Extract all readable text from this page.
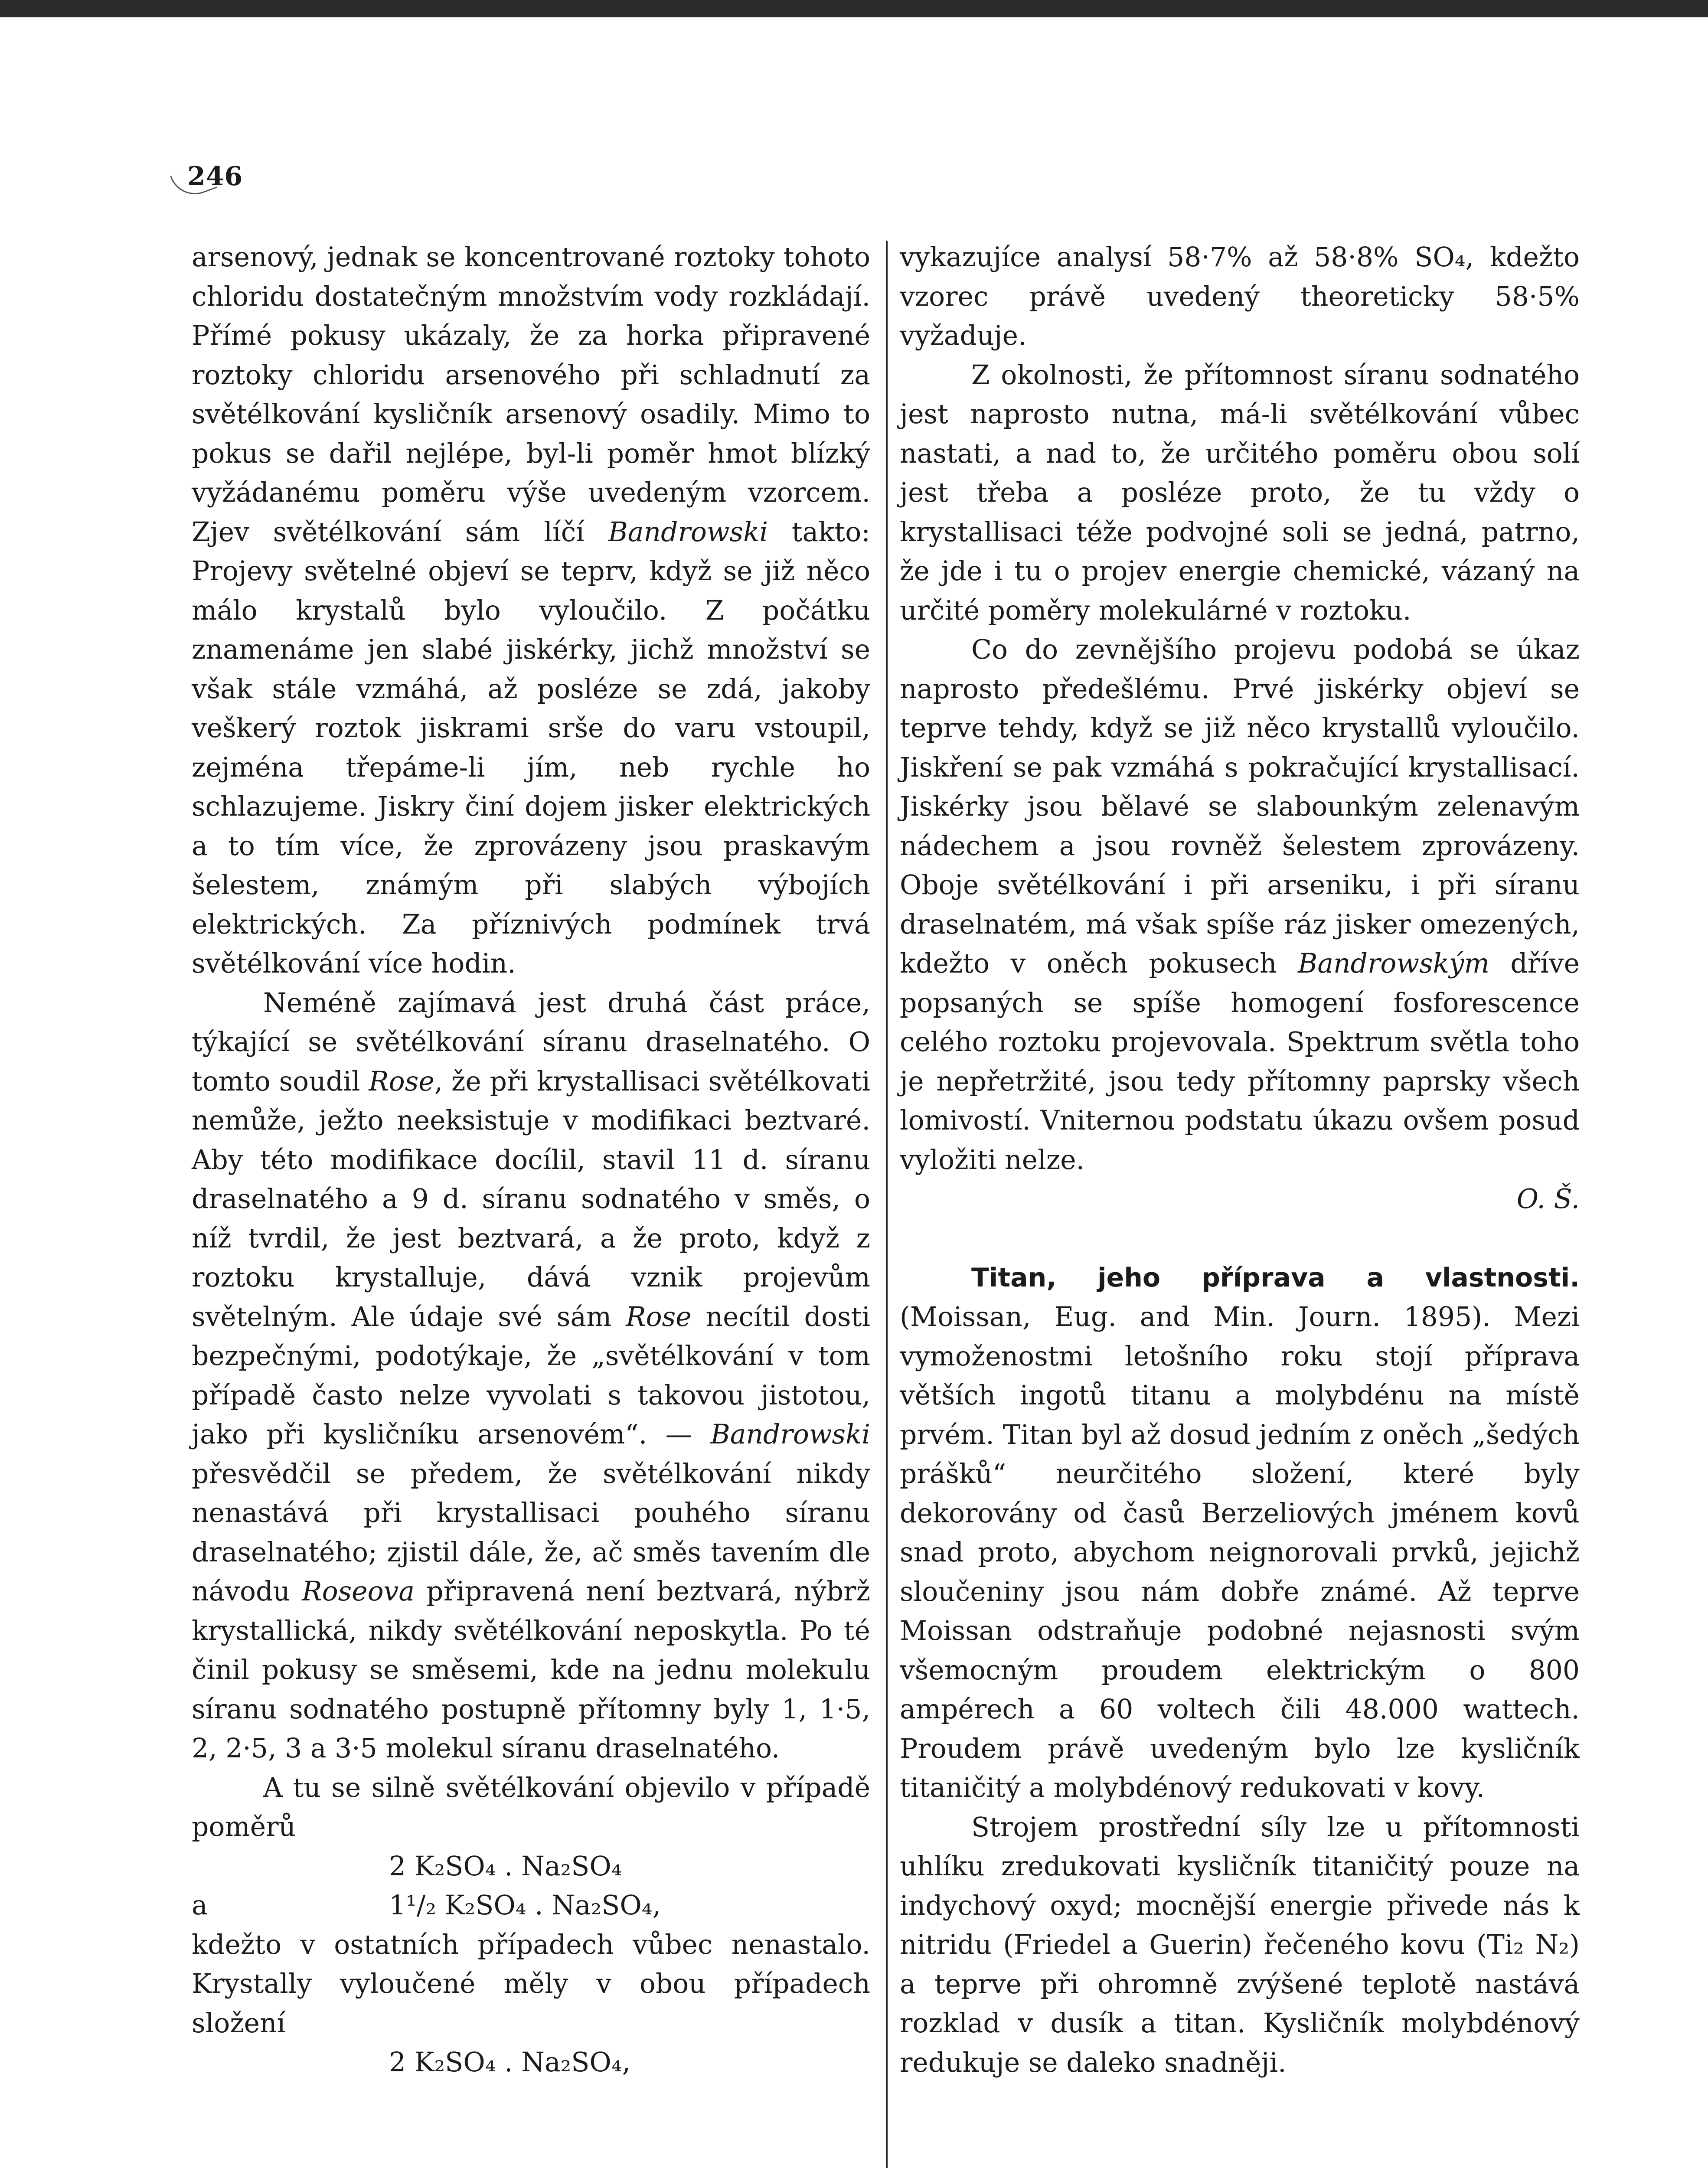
246

arsenový, jednak se koncentrované roztoky tohoto chloridu dostatečným množstvím vody rozkládají. Přímé pokusy ukázaly, že za horka připravené roztoky chloridu arsenového při schladnutí za světélkování kysličník arsenový osadily. Mimo to pokus se dařil nejlépe, byl-li poměr hmot blízký vyžádanému poměru výše uvedeným vzorcem. Zjev světélkování sám líčí Bandrowski takto: Projevy světelné objeví se teprv, když se již něco málo krystalů bylo vyloučilo. Z počátku znamenáme jen slabé jiskérky, jichž množství se však stále vzmáhá, až posléze se zdá, jakoby veškerý roztok jiskrami srše do varu vstoupil, zejména třepáme-li jím, neb rychle ho schlazujeme. Jiskry činí dojem jisker elektrických a to tím více, že zprovázeny jsou praskavým šelestem, známým při slabých výbojích elektrických. Za příznivých podmínek trvá světélkování více hodin.

Neméně zajímavá jest druhá část práce, týkající se světélkování síranu draselnatého. O tomto soudil Rose, že při krystallisaci světélkovati nemůže, ježto neeksistuje v modifikaci beztvaré. Aby této modifikace docílil, stavil 11 d. síranu draselnatého a 9 d. síranu sodnatého v směs, o níž tvrdil, že jest beztvará, a že proto, když z roztoku krystalluje, dává vznik projevům světelným. Ale údaje své sám Rose necítil dosti bezpečnými, podotýkaje, že „světélkování v tom případě často nelze vyvolati s takovou jistotou, jako při kysličníku arsenovém“. — Bandrowski přesvědčil se předem, že světélkování nikdy nenastává při krystallisaci pouhého síranu draselnatého; zjistil dále, že, ač směs tavením dle návodu Roseova připravená není beztvará, nýbrž krystallická, nikdy světélkování neposkytla. Po té činil pokusy se směsemi, kde na jednu molekulu síranu sodnatého postupně přítomny byly 1, 1·5, 2, 2·5, 3 a 3·5 molekul síranu draselnatého.

A tu se silně světélkování objevilo v případě poměrů

2 K₂SO₄ . Na₂SO₄
a	1¹/₂ K₂SO₄ . Na₂SO₄,

kdežto v ostatních případech vůbec nenastalo. Krystally vyloučené měly v obou případech složení

2 K₂SO₄ . Na₂SO₄,

vykazujíce analysí 58·7% až 58·8% SO₄, kdežto vzorec právě uvedený theoreticky 58·5% vyžaduje.

Z okolnosti, že přítomnost síranu sodnatého jest naprosto nutna, má-li světélkování vůbec nastati, a nad to, že určitého poměru obou solí jest třeba a posléze proto, že tu vždy o krystallisaci téže podvojné soli se jedná, patrno, že jde i tu o projev energie chemické, vázaný na určité poměry molekulárné v roztoku.

Co do zevnějšího projevu podobá se úkaz naprosto předešlému. Prvé jiskérky objeví se teprve tehdy, když se již něco krystallů vyloučilo. Jiskření se pak vzmáhá s pokračující krystallisací. Jiskérky jsou bělavé se slabounkým zelenavým nádechem a jsou rovněž šelestem zprovázeny. Oboje světélkování i při arseniku, i při síranu draselnatém, má však spíše ráz jisker omezených, kdežto v oněch pokusech Bandrowským dříve popsaných se spíše homogení fosforescence celého roztoku projevovala. Spektrum světla toho je nepřetržité, jsou tedy přítomny paprsky všech lomivostí. Vniternou podstatu úkazu ovšem posud vyložiti nelze.
O. Š.

Titan, jeho příprava a vlastnosti. (Moissan, Eug. and Min. Journ. 1895). Mezi vymoženostmi letošního roku stojí příprava větších ingotů titanu a molybdénu na místě prvém. Titan byl až dosud jedním z oněch „šedých prášků“ neurčitého složení, které byly dekorovány od časů Berzeliových jménem kovů snad proto, abychom neignorovali prvků, jejichž sloučeniny jsou nám dobře známé. Až teprve Moissan odstraňuje podobné nejasnosti svým všemocným proudem elektrickým o 800 ampérech a 60 voltech čili 48.000 wattech. Proudem právě uvedeným bylo lze kysličník titaničitý a molybdénový redukovati v kovy.

Strojem prostřední síly lze u přítomnosti uhlíku zredukovati kysličník titaničitý pouze na indychový oxyd; mocnější energie přivede nás k nitridu (Friedel a Guerin) řečeného kovu (Ti₂ N₂) a teprve při ohromně zvýšené teplotě nastává rozklad v dusík a titan. Kysličník molybdénový redukuje se daleko snadněji.
